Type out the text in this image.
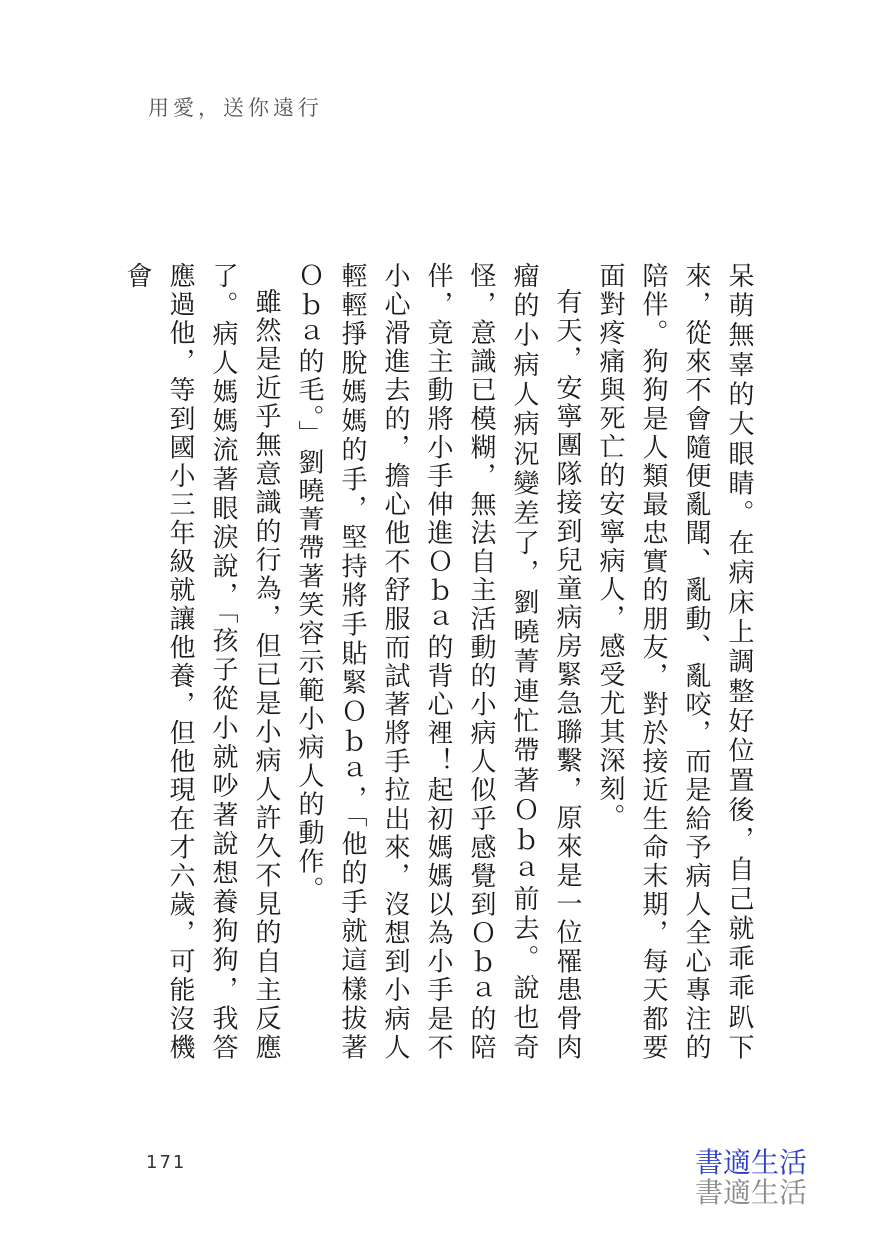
用愛，送你遠行

呆萌無辜的大眼睛。在病床上調整好位置後，自己就乖乖趴下來，從來不會隨便亂聞、亂動、亂咬，而是給予病人全心專注的陪伴。狗狗是人類最忠實的朋友，對於接近生命末期，每天都要面對疼痛與死亡的安寧病人，感受尤其深刻。

有天，安寧團隊接到兒童病房緊急聯繫，原來是一位罹患骨肉瘤的小病人病況變差了，劉曉菁連忙帶著Ｏｂａ前去。說也奇怪，意識已模糊，無法自主活動的小病人似乎感覺到Ｏｂａ的陪伴，竟主動將小手伸進Ｏｂａ的背心裡！起初媽媽以為小手是不小心滑進去的，擔心他不舒服而試著將手拉出來，沒想到小病人輕輕掙脫媽媽的手，堅持將手貼緊Ｏｂａ，「他的手就這樣拔著Ｏｂａ的毛。」劉曉菁帶著笑容示範小病人的動作。

雖然是近乎無意識的行為，但已是小病人許久不見的自主反應了。病人媽媽流著眼淚說，「孩子從小就吵著說想養狗狗，我答應過他，等到國小三年級就讓他養，但他現在才六歲，可能沒機會

171	書適生活
書適生活
